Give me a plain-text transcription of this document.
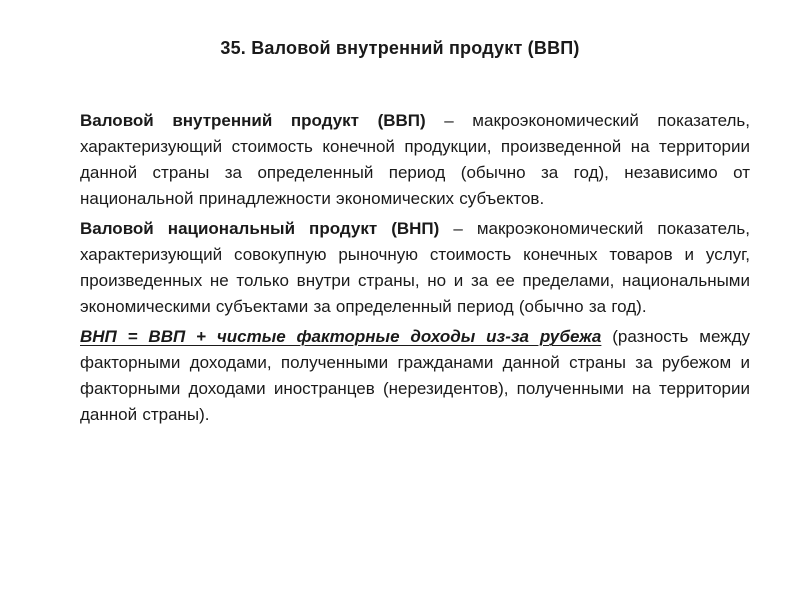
35. Валовой внутренний продукт (ВВП)

Валовой внутренний продукт (ВВП) – макроэкономический показатель, характеризующий стоимость конечной продукции, произведенной на территории данной страны за определенный период (обычно за год), независимо от национальной принадлежности экономических субъектов.

Валовой национальный продукт (ВНП) – макроэкономический показатель, характеризующий совокупную рыночную стоимость конечных товаров и услуг, произведенных не только внутри страны, но и за ее пределами, национальными экономическими субъектами за определенный период (обычно за год).

ВНП = ВВП + чистые факторные доходы из-за рубежа (разность между факторными доходами, полученными гражданами данной страны за рубежом и факторными доходами иностранцев (нерезидентов), полученными на территории данной страны).
